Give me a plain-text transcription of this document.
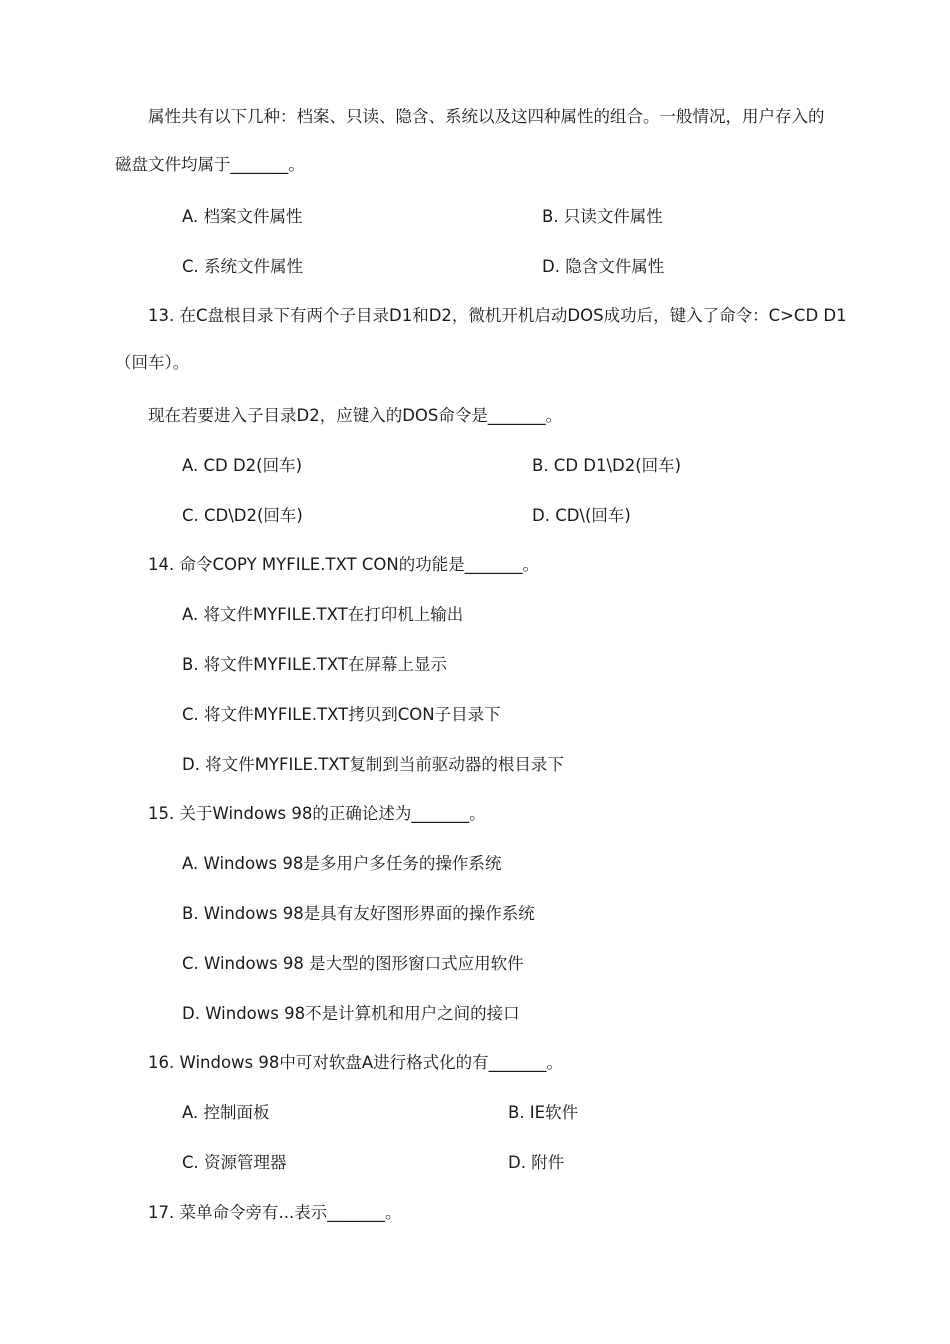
属性共有以下几种：档案、只读、隐含、系统以及这四种属性的组合。一般情况，用户存入的
磁盘文件均属于_______。
A. 档案文件属性	B. 只读文件属性
C. 系统文件属性	D. 隐含文件属性
13. 在C盘根目录下有两个子目录D1和D2，微机开机启动DOS成功后，键入了命令：C>CD D1
（回车）。
现在若要进入子目录D2，应键入的DOS命令是_______。
A. CD D2(回车)	B. CD D1\D2(回车)
C. CD\D2(回车)	D. CD\(回车)
14. 命令COPY MYFILE.TXT CON的功能是_______。
A. 将文件MYFILE.TXT在打印机上输出
B. 将文件MYFILE.TXT在屏幕上显示
C. 将文件MYFILE.TXT拷贝到CON子目录下
D. 将文件MYFILE.TXT复制到当前驱动器的根目录下
15. 关于Windows 98的正确论述为_______。
A. Windows 98是多用户多任务的操作系统
B. Windows 98是具有友好图形界面的操作系统
C. Windows 98 是大型的图形窗口式应用软件
D. Windows 98不是计算机和用户之间的接口
16. Windows 98中可对软盘A进行格式化的有_______。
A. 控制面板	B. IE软件
C. 资源管理器	D. 附件
17. 菜单命令旁有...表示_______。
